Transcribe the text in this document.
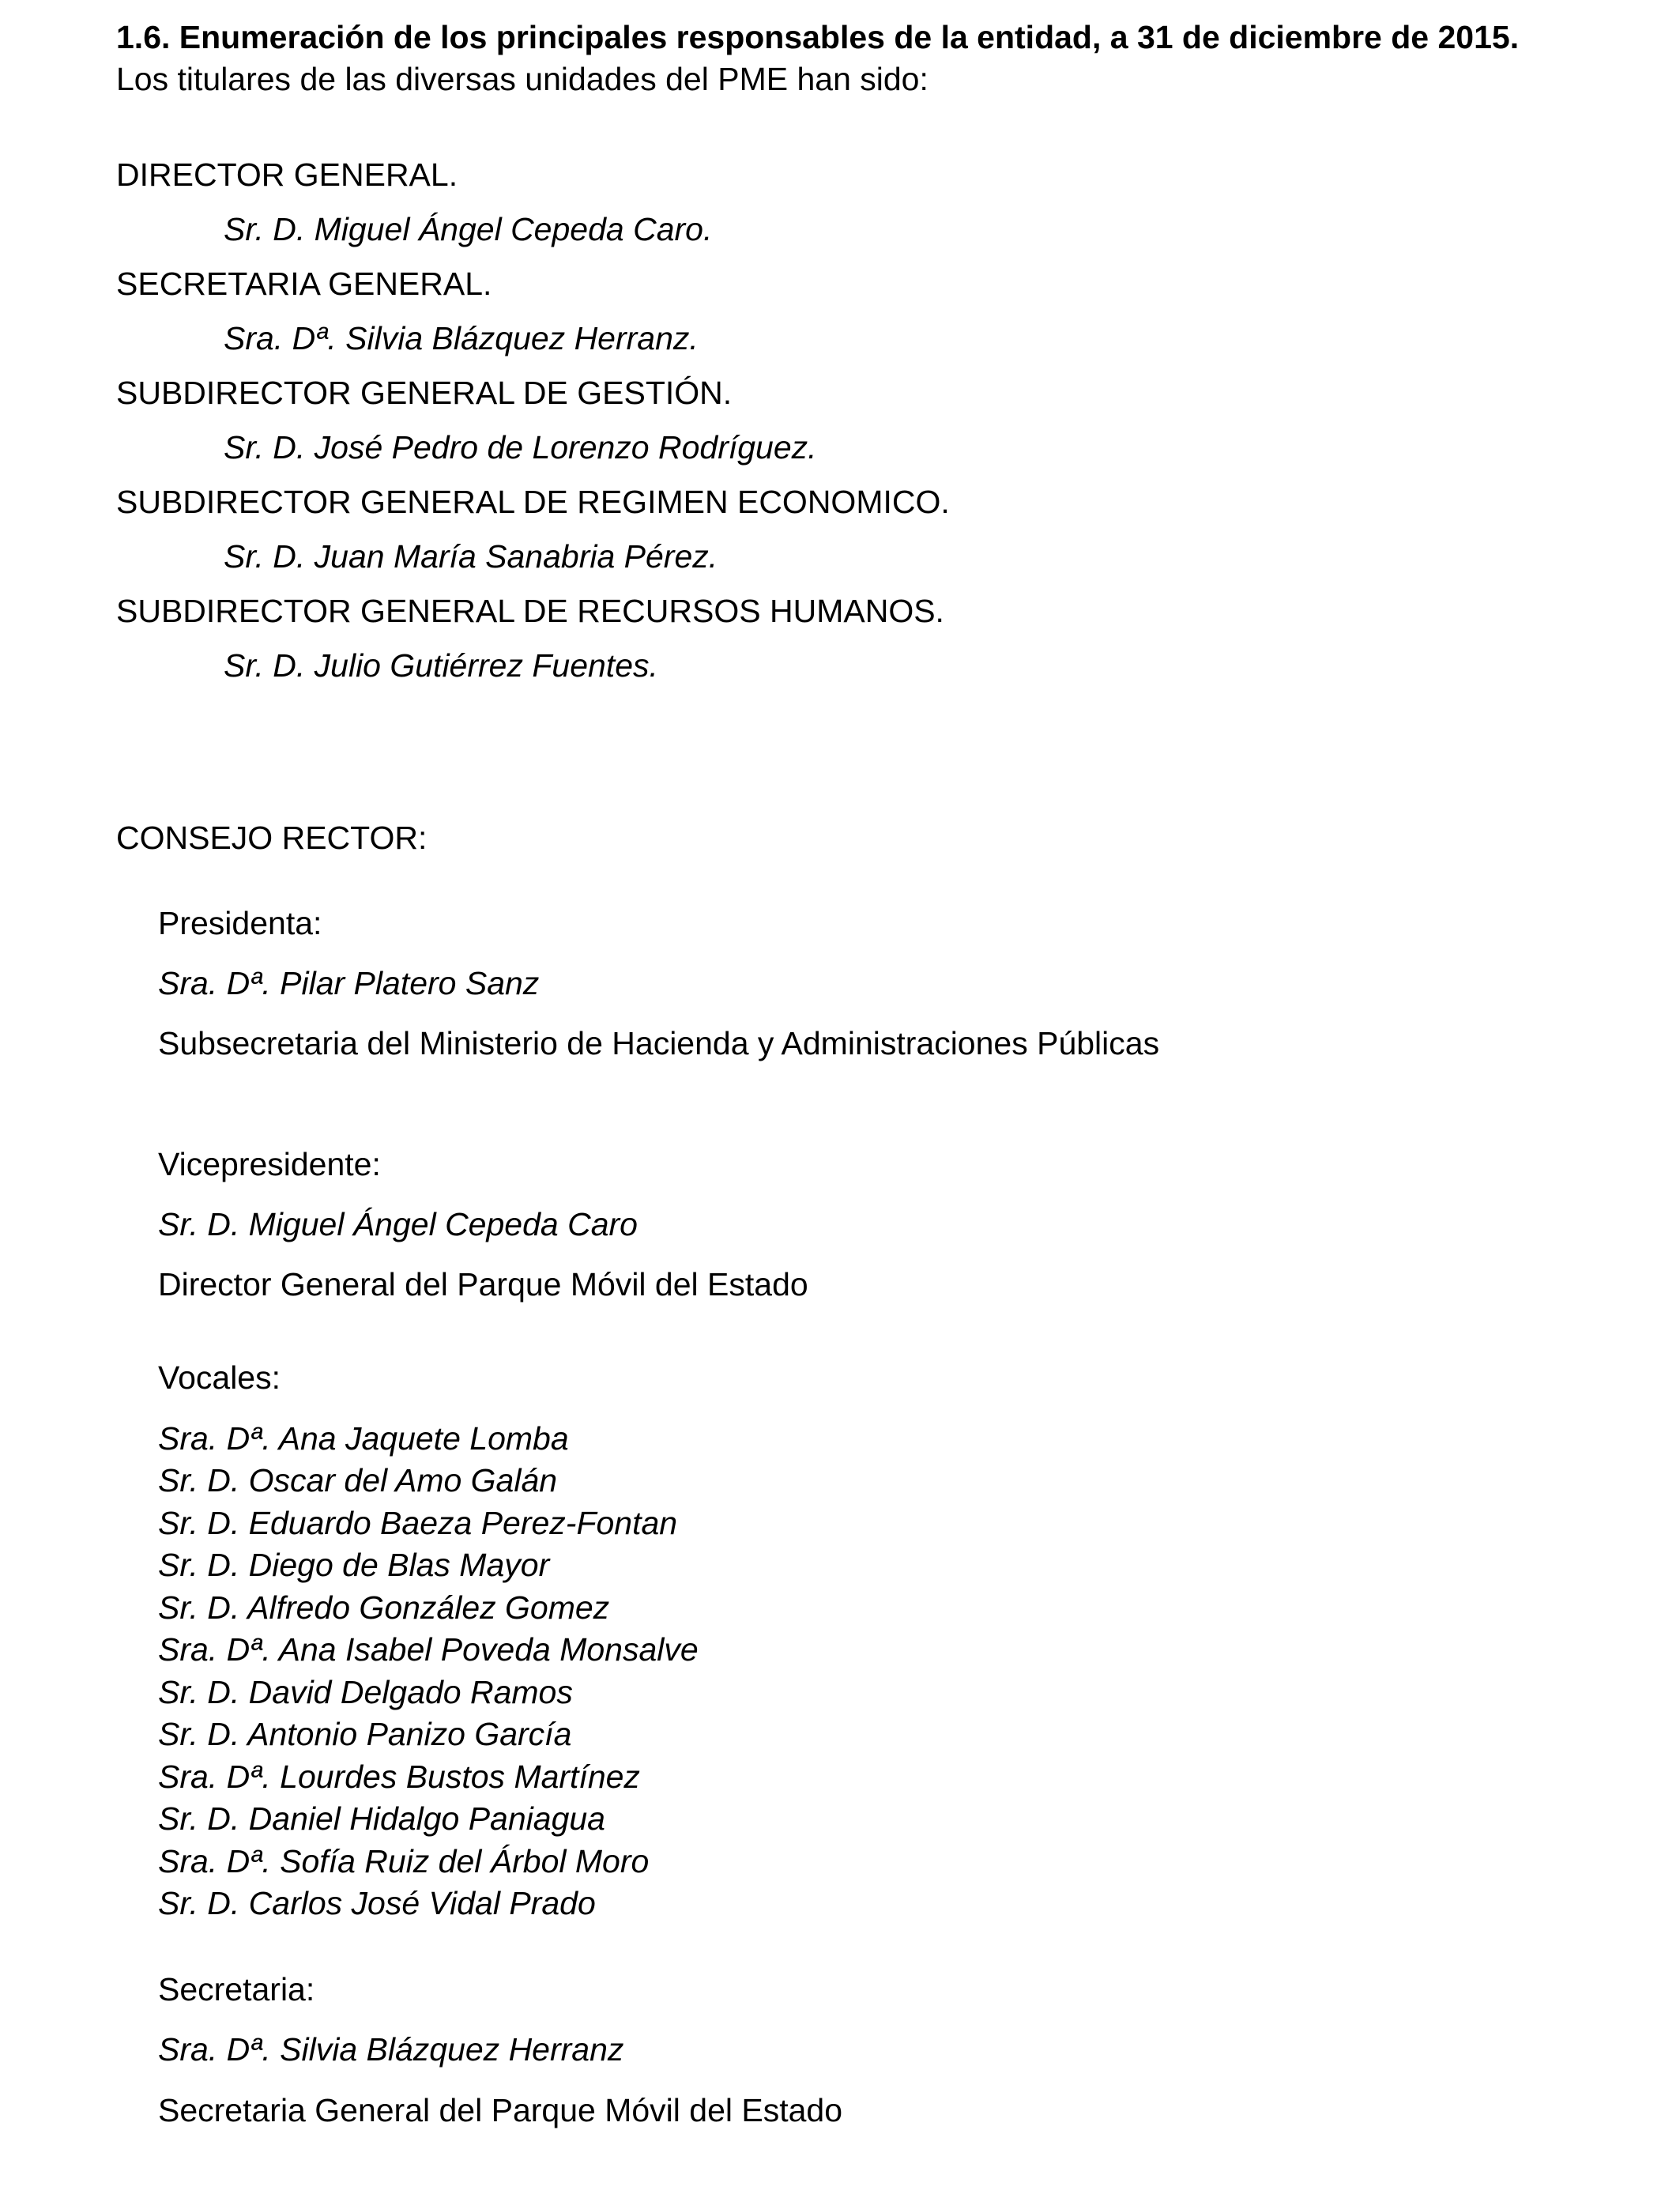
1.6. Enumeración de los principales responsables de la entidad, a 31 de diciembre de 2015.
Los titulares de las diversas unidades del PME han sido:
DIRECTOR GENERAL.
Sr. D. Miguel Ángel Cepeda Caro.
SECRETARIA GENERAL.
Sra. Dª. Silvia Blázquez Herranz.
SUBDIRECTOR GENERAL DE GESTIÓN.
Sr. D. José Pedro de Lorenzo Rodríguez.
SUBDIRECTOR GENERAL DE REGIMEN ECONOMICO.
Sr. D. Juan María Sanabria Pérez.
SUBDIRECTOR GENERAL DE RECURSOS HUMANOS.
Sr. D. Julio Gutiérrez Fuentes.
CONSEJO RECTOR:
Presidenta:
Sra. Dª. Pilar Platero Sanz
Subsecretaria del Ministerio de Hacienda y Administraciones Públicas
Vicepresidente:
Sr. D. Miguel Ángel Cepeda Caro
Director General del Parque Móvil del Estado
Vocales:
Sra. Dª. Ana Jaquete Lomba
Sr. D. Oscar del Amo Galán
Sr. D. Eduardo Baeza Perez-Fontan
Sr. D. Diego de Blas Mayor
Sr. D. Alfredo González Gomez
Sra. Dª. Ana Isabel Poveda Monsalve
Sr. D. David Delgado Ramos
Sr. D. Antonio Panizo García
Sra. Dª. Lourdes Bustos Martínez
Sr. D. Daniel Hidalgo Paniagua
Sra. Dª. Sofía Ruiz del Árbol Moro
Sr. D. Carlos José Vidal Prado
Secretaria:
Sra. Dª. Silvia Blázquez Herranz
Secretaria General del Parque Móvil del Estado
